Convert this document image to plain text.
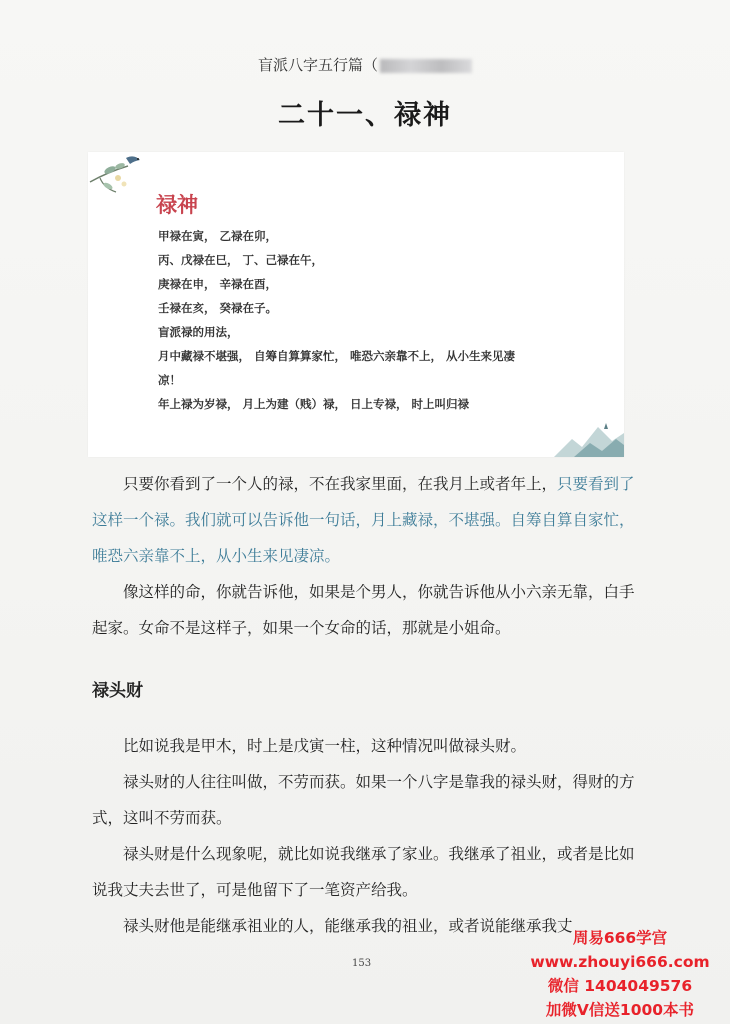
盲派八字五行篇（
二十一、禄神
禄神
甲禄在寅， 乙禄在卯，
丙、戊禄在巳， 丁、己禄在午，
庚禄在申， 辛禄在酉，
壬禄在亥， 癸禄在子。
盲派禄的用法，
月中藏禄不堪强， 自筹自算算家忙， 唯恐六亲靠不上， 从小生来见凄
凉！
年上禄为岁禄， 月上为建（贱）禄， 日上专禄， 时上叫归禄

只要你看到了一个人的禄，不在我家里面，在我月上或者年上，只要看到了这样一个禄。我们就可以告诉他一句话，月上藏禄，不堪强。自筹自算自家忙，唯恐六亲靠不上，从小生来见凄凉。

像这样的命，你就告诉他，如果是个男人，你就告诉他从小六亲无靠，白手起家。女命不是这样子，如果一个女命的话，那就是小姐命。

禄头财

比如说我是甲木，时上是戊寅一柱，这种情况叫做禄头财。

禄头财的人往往叫做，不劳而获。如果一个八字是靠我的禄头财，得财的方式，这叫不劳而获。

禄头财是什么现象呢，就比如说我继承了家业。我继承了祖业，或者是比如说我丈夫去世了，可是他留下了一笔资产给我。

禄头财他是能继承祖业的人，能继承我的祖业，或者说能继承我丈

153
周易666学宫
www.zhouyi666.com
微信 1404049576
加微V信送1000本书
